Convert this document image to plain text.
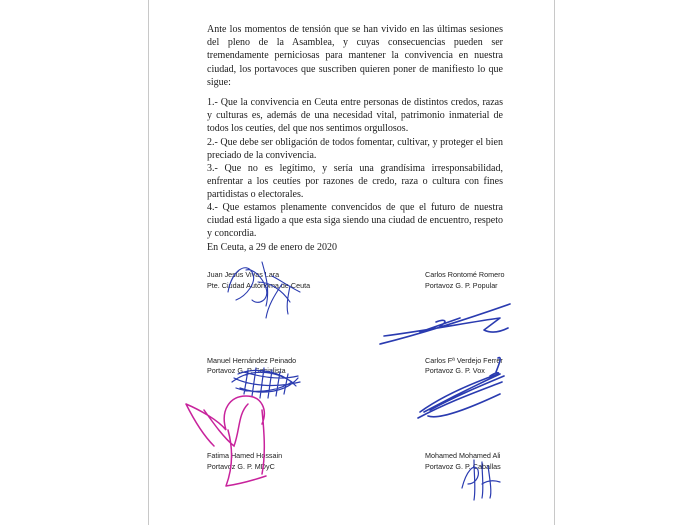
Ante los momentos de tensión que se han vivido en las últimas sesiones del pleno de la Asamblea, y cuyas consecuencias pueden ser tremendamente perniciosas para mantener la convivencia en nuestra ciudad, los portavoces que suscriben quieren poner de manifiesto lo que sigue:

1.- Que la convivencia en Ceuta entre personas de distintos credos, razas y culturas es, además de una necesidad vital, patrimonio inmaterial de todos los ceutíes, del que nos sentimos orgullosos.

2.- Que debe ser obligación de todos fomentar, cultivar, y proteger el bien preciado de la convivencia.

3.- Que no es legítimo, y sería una grandísima irresponsabilidad, enfrentar a los ceutíes por razones de credo, raza o cultura con fines partidistas o electorales.

4.- Que estamos plenamente convencidos de que el futuro de nuestra ciudad está ligado a que esta siga siendo una ciudad de encuentro, respeto y concordia.

En Ceuta, a 29 de enero de 2020

Juan Jesús Vivas Lara
Pte. Ciudad Autónoma de Ceuta
Carlos Rontomé Romero
Portavoz G. P. Popular
Manuel Hernández Peinado
Portavoz G. P. Socialista
Carlos Fª Verdejo Ferrer
Portavoz G. P. Vox
Fatima Hamed Hossain
Portavoz G. P. MDyC
Mohamed Mohamed Ali
Portavoz G. P. Caballas
